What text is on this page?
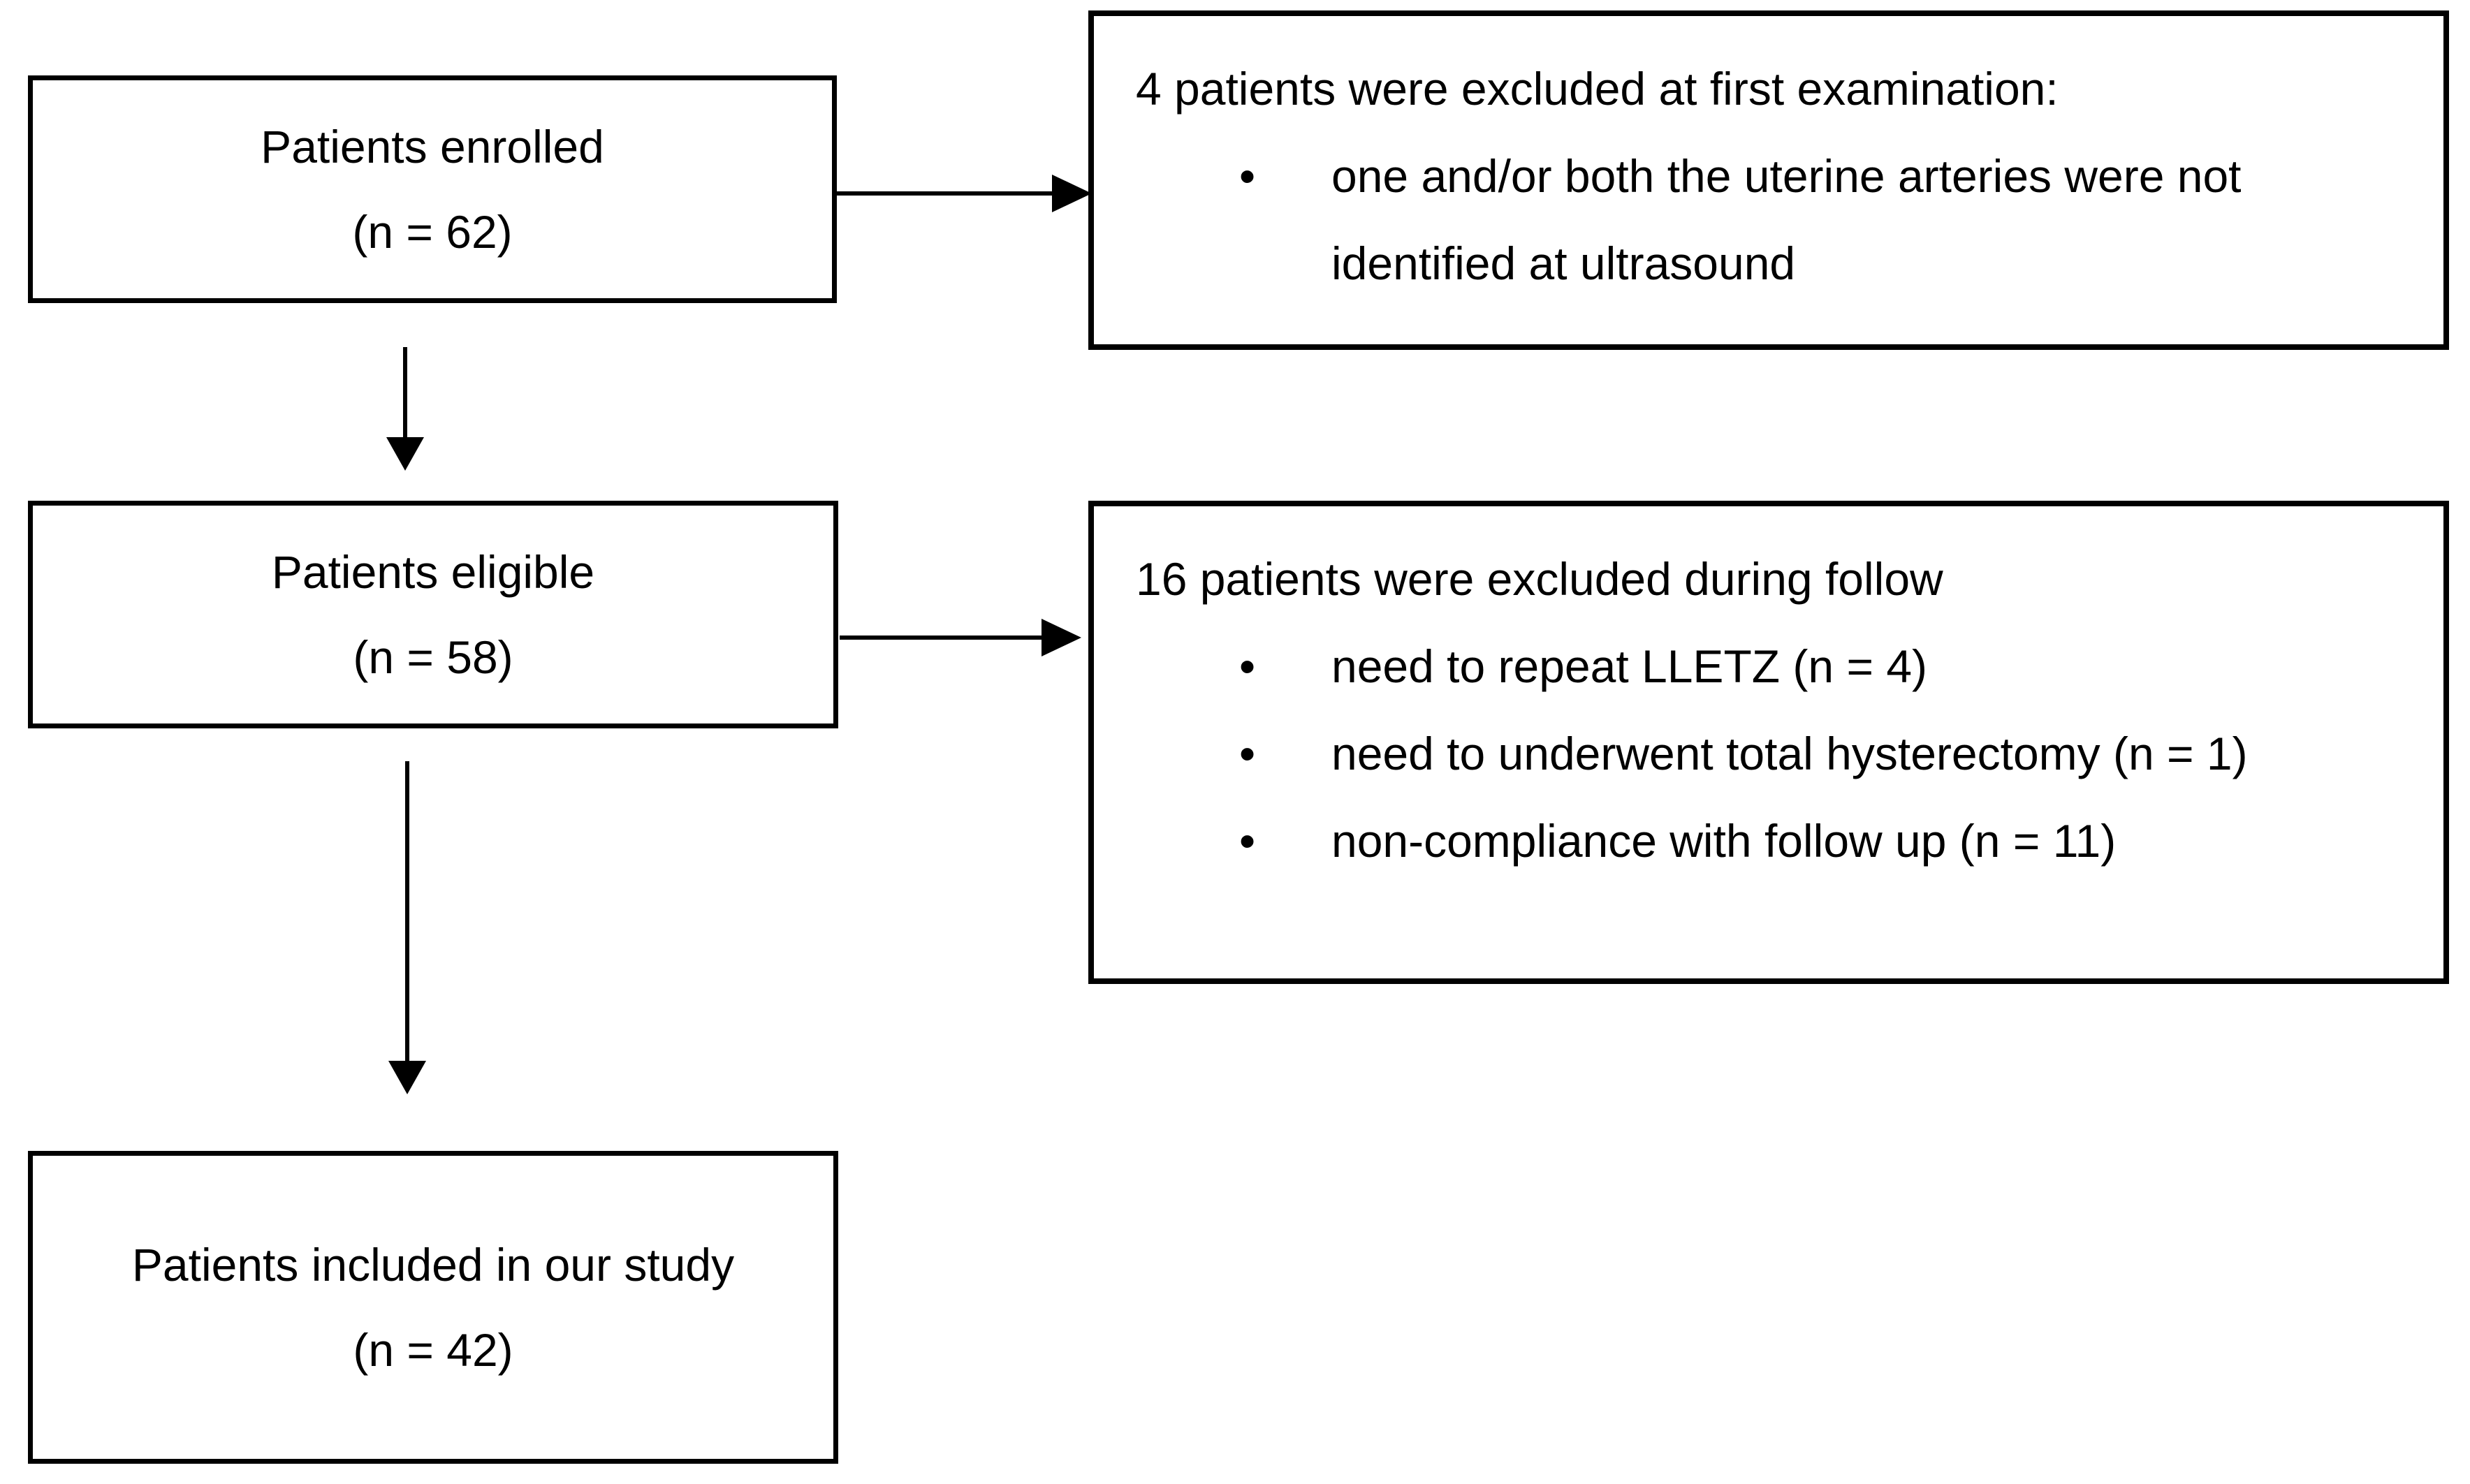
Patients enrolled
(n = 62)
Patients eligible
(n = 58)
Patients included in our study
(n = 42)
4 patients were excluded at first examination:
• one and/or both the uterine arteries were not identified at ultrasound
16 patients were excluded during follow
• need to repeat LLETZ (n = 4)
• need to underwent total hysterectomy (n = 1)
• non-compliance with follow up (n = 11)
